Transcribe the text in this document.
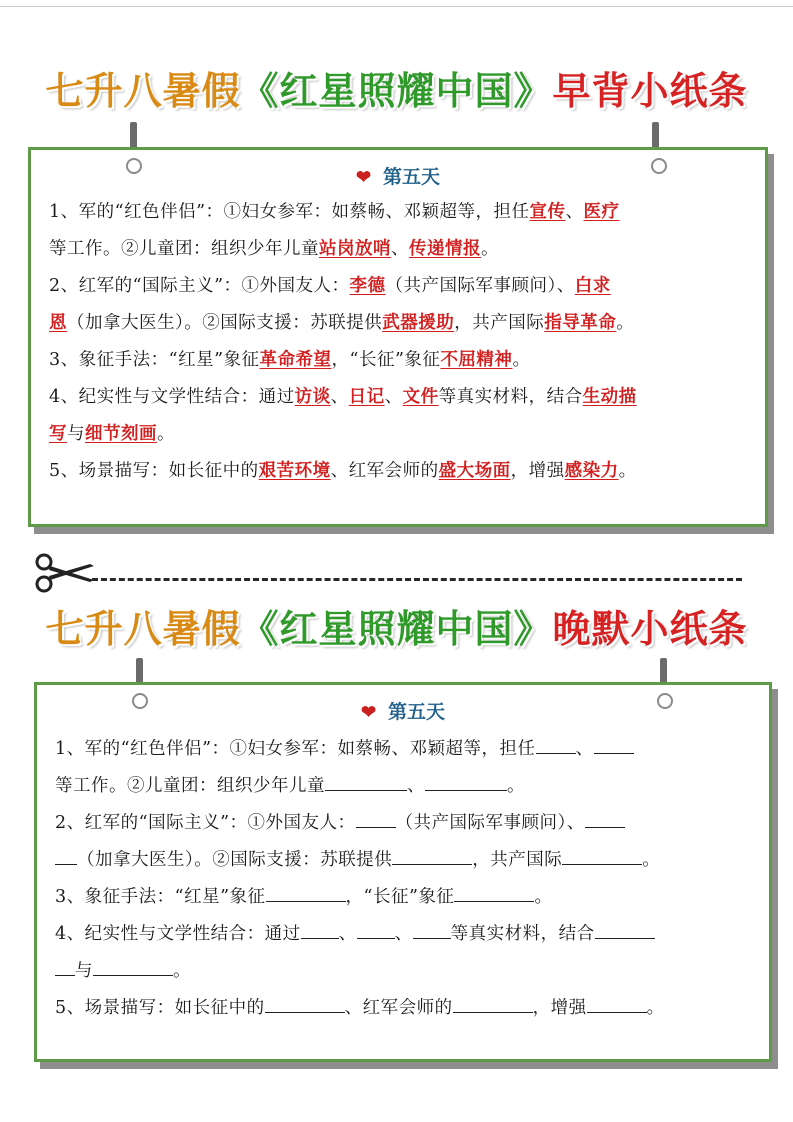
七升八暑假《红星照耀中国》早背小纸条
❤ 第五天
1、军的“红色伴侣”：①妇女参军：如蔡畅、邓颖超等，担任宣传、医疗
等工作。②儿童团：组织少年儿童站岗放哨、传递情报。
2、红军的“国际主义”：①外国友人：李德（共产国际军事顾问）、白求
恩（加拿大医生）。②国际支援：苏联提供武器援助，共产国际指导革命。
3、象征手法：“红星”象征革命希望，“长征”象征不屈精神。
4、纪实性与文学性结合：通过访谈、日记、文件等真实材料，结合生动描
写与细节刻画。
5、场景描写：如长征中的艰苦环境、红军会师的盛大场面，增强感染力。
七升八暑假《红星照耀中国》晚默小纸条
❤ 第五天
1、军的“红色伴侣”：①妇女参军：如蔡畅、邓颖超等，担任 、
等工作。②儿童团：组织少年儿童	、	。
2、红军的“国际主义”：①外国友人： （共产国际军事顾问）、
（加拿大医生）。②国际支援：苏联提供	，共产国际	。
3、象征手法：“红星”象征	，“长征”象征	。
4、纪实性与文学性结合：通过 、 、 等真实材料，结合
与	。
5、场景描写：如长征中的	、红军会师的	，增强	。
